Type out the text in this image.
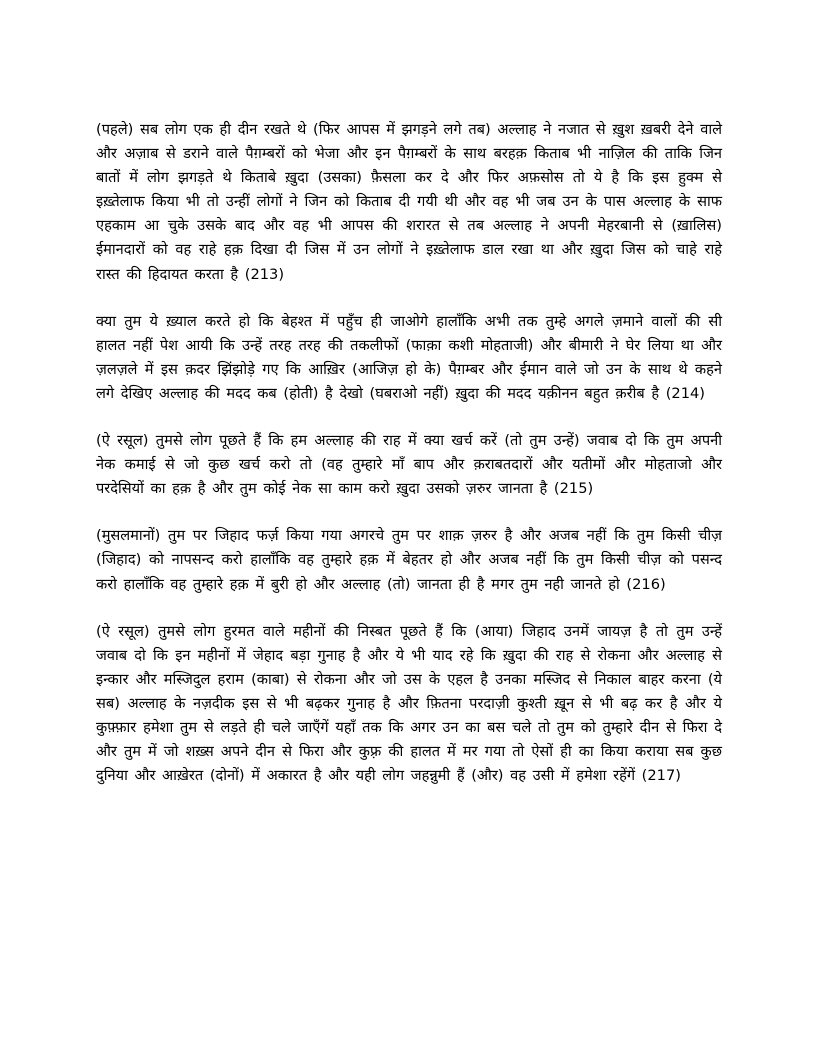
(पहले) सब लोग एक ही दीन रखते थे (फिर आपस में झगड़ने लगे तब) अल्लाह ने नजात से ख़ुश ख़बरी देने वाले और अज़ाब से डराने वाले पैग़म्बरों को भेजा और इन पैग़म्बरों के साथ बरहक़ किताब भी नाज़िल की ताकि जिन बातों में लोग झगड़ते थे किताबे ख़ुदा (उसका) फ़ैसला कर दे और फिर अफ़सोस तो ये है कि इस हुक्म से इख़्तेलाफ किया भी तो उन्हीं लोगों ने जिन को किताब दी गयी थी और वह भी जब उन के पास अल्लाह के साफ एहकाम आ चुके उसके बाद और वह भी आपस की शरारत से तब अल्लाह ने अपनी मेहरबानी से (ख़ालिस) ईमानदारों को वह राहे हक़ दिखा दी जिस में उन लोगों ने इख़्तेलाफ डाल रखा था और ख़ुदा जिस को चाहे राहे रास्त की हिदायत करता है (213)

क्या तुम ये ख़्याल करते हो कि बेहश्त में पहुँच ही जाओगे हालाँकि अभी तक तुम्हे अगले ज़माने वालों की सी हालत नहीं पेश आयी कि उन्हें तरह तरह की तकलीफों (फाक़ा कशी मोहताजी) और बीमारी ने घेर लिया था और ज़लज़ले में इस क़दर झिंझोड़े गए कि आख़िर (आजिज़ हो के) पैग़म्बर और ईमान वाले जो उन के साथ थे कहने लगे देखिए अल्लाह की मदद कब (होती) है देखो (घबराओ नहीं) ख़ुदा की मदद यक़ीनन बहुत क़रीब है (214)

(ऐ रसूल) तुमसे लोग पूछते हैं कि हम अल्लाह की राह में क्या खर्च करें (तो तुम उन्हें) जवाब दो कि तुम अपनी नेक कमाई से जो कुछ खर्च करो तो (वह तुम्हारे माँ बाप और क़राबतदारों और यतीमों और मोहताजो और परदेसियों का हक़ है और तुम कोई नेक सा काम करो ख़ुदा उसको ज़रुर जानता है (215)

(मुसलमानों) तुम पर जिहाद फर्ज़ किया गया अगरचे तुम पर शाक़ ज़रुर है और अजब नहीं कि तुम किसी चीज़ (जिहाद) को नापसन्द करो हालाँकि वह तुम्हारे हक़ में बेहतर हो और अजब नहीं कि तुम किसी चीज़ को पसन्द करो हालाँकि वह तुम्हारे हक़ में बुरी हो और अल्लाह (तो) जानता ही है मगर तुम नही जानते हो (216)

(ऐ रसूल) तुमसे लोग हुरमत वाले महीनों की निस्बत पूछते हैं कि (आया) जिहाद उनमें जायज़ है तो तुम उन्हें जवाब दो कि इन महीनों में जेहाद बड़ा गुनाह है और ये भी याद रहे कि ख़ुदा की राह से रोकना और अल्लाह से इन्कार और मस्जिदुल हराम (काबा) से रोकना और जो उस के एहल है उनका मस्जिद से निकाल बाहर करना (ये सब) अल्लाह के नज़दीक इस से भी बढ़कर गुनाह है और फ़ितना परदाज़ी कुश्ती ख़ून से भी बढ़ कर है और ये कुफ़्फ़ार हमेशा तुम से लड़ते ही चले जाएँगें यहाँ तक कि अगर उन का बस चले तो तुम को तुम्हारे दीन से फिरा दे और तुम में जो शख़्स अपने दीन से फिरा और कुफ़्र की हालत में मर गया तो ऐसों ही का किया कराया सब कुछ दुनिया और आख़ेरत (दोनों) में अकारत है और यही लोग जहन्नुमी हैं (और) वह उसी में हमेशा रहेंगें (217)
